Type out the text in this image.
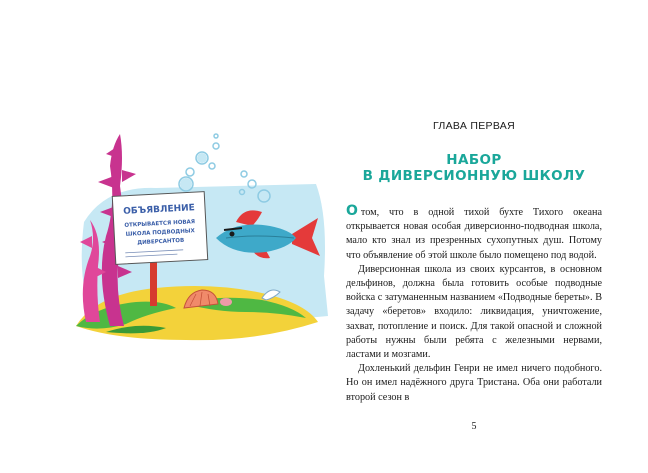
ОБЪЯВЛЕНИЕ
ОТКРЫВАЕТСЯ НОВАЯ
ШКОЛА ПОДВОДНЫХ
ДИВЕРСАНТОВ
ГЛАВА ПЕРВАЯ
НАБОР
В ДИВЕРСИОННУЮ ШКОЛУ

О том, что в одной тихой бухте Тихого океана открывается новая особая диверсионно-подводная школа, мало кто знал из презренных сухопутных душ. Потому что объявление об этой школе было помещено под водой.

Диверсионная школа из своих курсантов, в основном дельфинов, должна была готовить особые подводные войска с затуманенным названием «Подводные береты». В задачу «беретов» входило: ликвидация, уничтожение, захват, потопление и поиск. Для такой опасной и сложной работы нужны были ребята с железными нервами, ластами и мозгами.

Дохленький дельфин Генри не имел ничего подобного. Но он имел надёжного друга Тристана. Оба они работали второй сезон в

5
